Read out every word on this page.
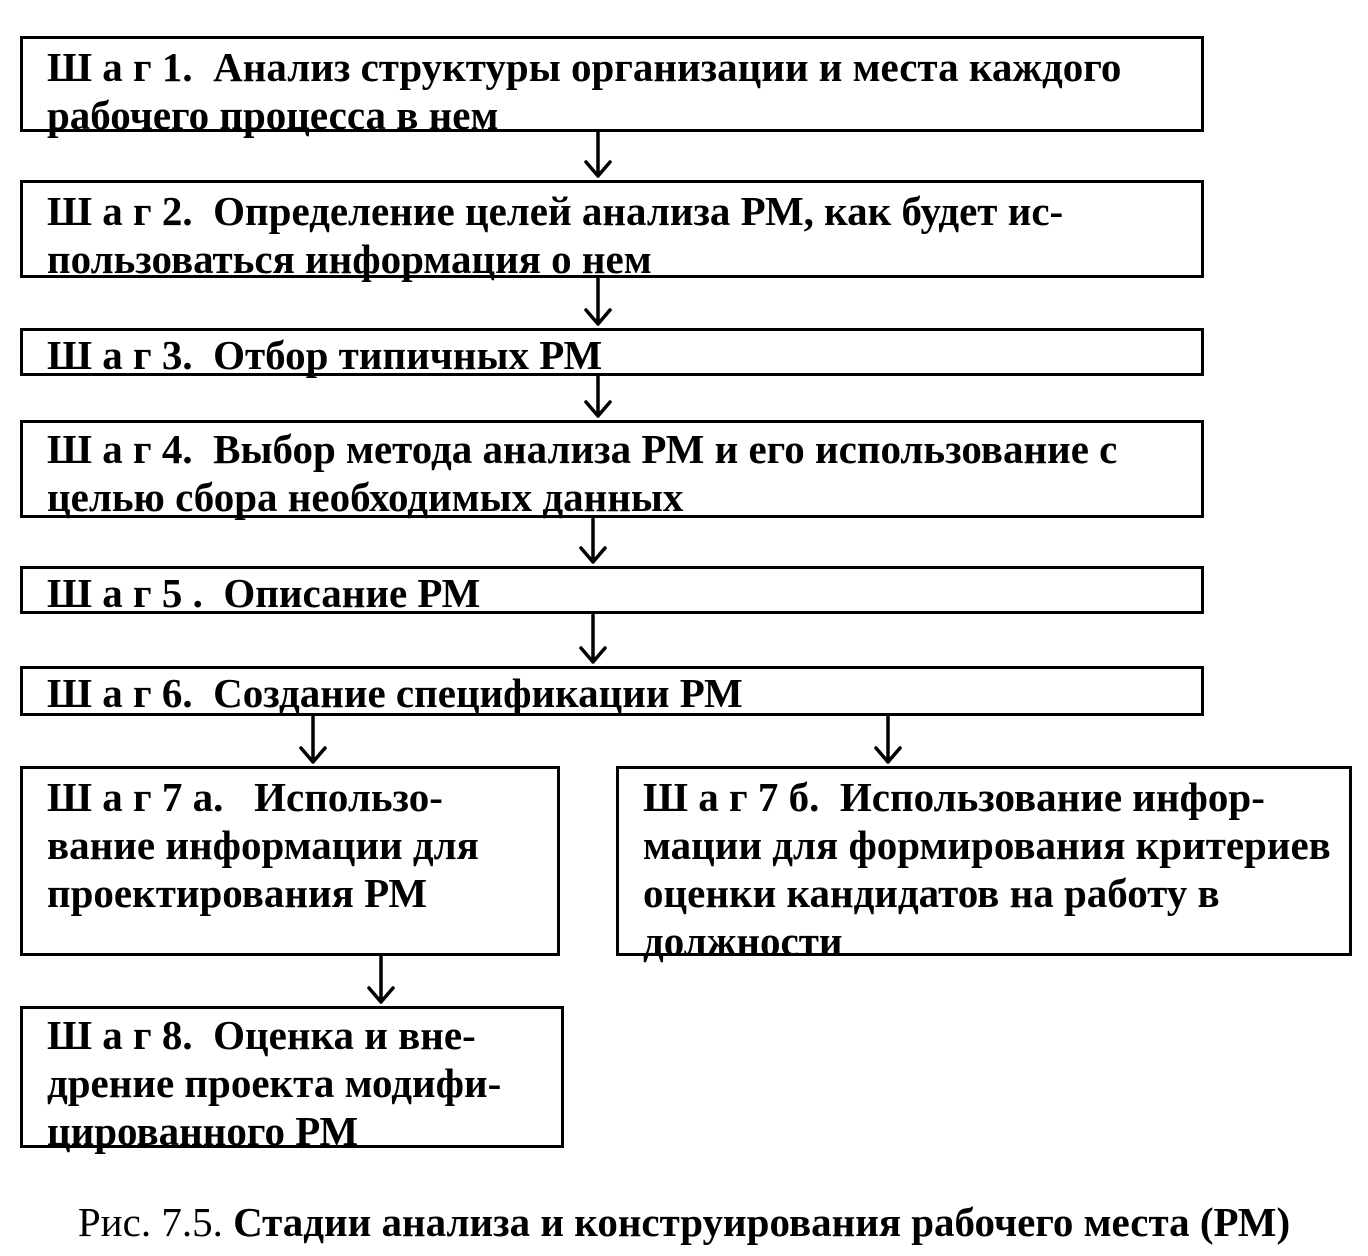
Ш а г 1.  Анализ структуры организации и места каждого
рабочего процесса в нем
Ш а г 2.  Определение целей анализа РМ, как будет ис-
пользоваться информация о нем
Ш а г 3.  Отбор типичных РМ
Ш а г 4.  Выбор метода анализа РМ и его использование с
целью сбора необходимых данных
Ш а г 5 .  Описание РМ
Ш а г 6.  Создание спецификации РМ
Ш а г 7 а.   Использо-
вание информации для
проектирования РМ
Ш а г 7 б.  Использование инфор-
мации для формирования критериев
оценки кандидатов на работу в
должности
Ш а г 8.  Оценка и вне-
дрение проекта модифи-
цированного РМ
Рис. 7.5. Стадии анализа и конструирования рабочего места (РМ)
